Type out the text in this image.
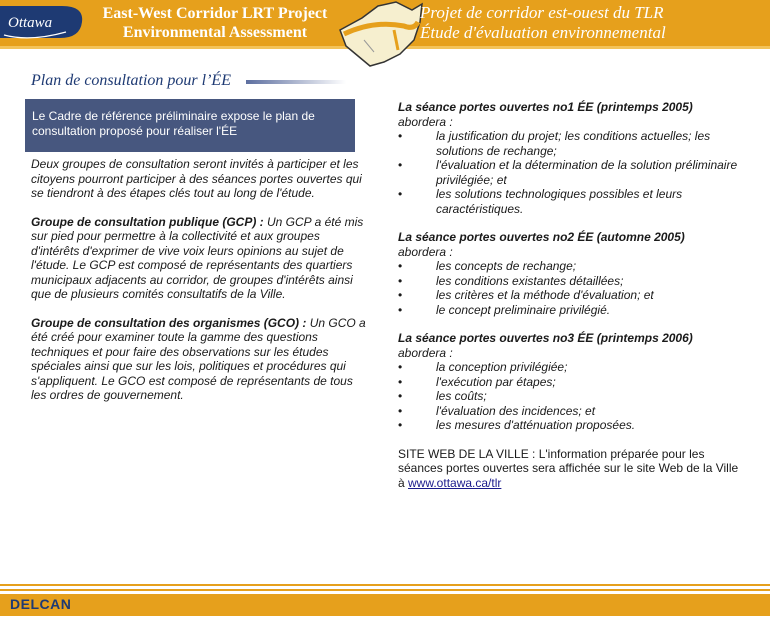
Ottawa
East-West Corridor LRT Project
Environmental Assessment
Projet de corridor est-ouest du TLR
Étude d'évaluation environnemental
Plan de consultation pour l’ÉE
Le Cadre de référence préliminaire expose le plan de consultation proposé pour réaliser l'ÉE

Deux groupes de consultation seront invités à participer et les citoyens pourront participer à des séances portes ouvertes qui se tiendront à des étapes clés tout au long de l'étude.

Groupe de consultation publique (GCP) : Un GCP a été mis sur pied pour permettre à la collectivité et aux groupes d'intérêts d'exprimer de vive voix leurs opinions au sujet de l'étude. Le GCP est composé de représentants des quartiers municipaux adjacents au corridor, de groupes d'intérêts ainsi que de plusieurs comités consultatifs de la Ville.

Groupe de consultation des organismes (GCO) : Un GCO a été créé pour examiner toute la gamme des questions techniques et pour faire des observations sur les études spéciales ainsi que sur les lois, politiques et procédures qui s'appliquent. Le GCO est composé de représentants de tous les ordres de gouvernement.

La séance portes ouvertes no1 ÉE (printemps 2005)
abordera :
• la justification du projet; les conditions actuelles; les solutions de rechange;
• l'évaluation et la détermination de la solution préliminaire privilégiée; et
• les solutions technologiques possibles et leurs caractéristiques.
La séance portes ouvertes no2 ÉE (automne 2005)
abordera :
• les concepts de rechange;
• les conditions existantes détaillées;
• les critères et la méthode d'évaluation; et
• le concept preliminaire privilégié.
La séance portes ouvertes no3 ÉE (printemps 2006)
abordera :
• la conception privilégiée;
• l'exécution par étapes;
• les coûts;
• l'évaluation des incidences; et
• les mesures d'atténuation proposées.
SITE WEB DE LA VILLE : L'information préparée pour les séances portes ouvertes sera affichée sur le site Web de la Ville à www.ottawa.ca/tlr
DELCAN
